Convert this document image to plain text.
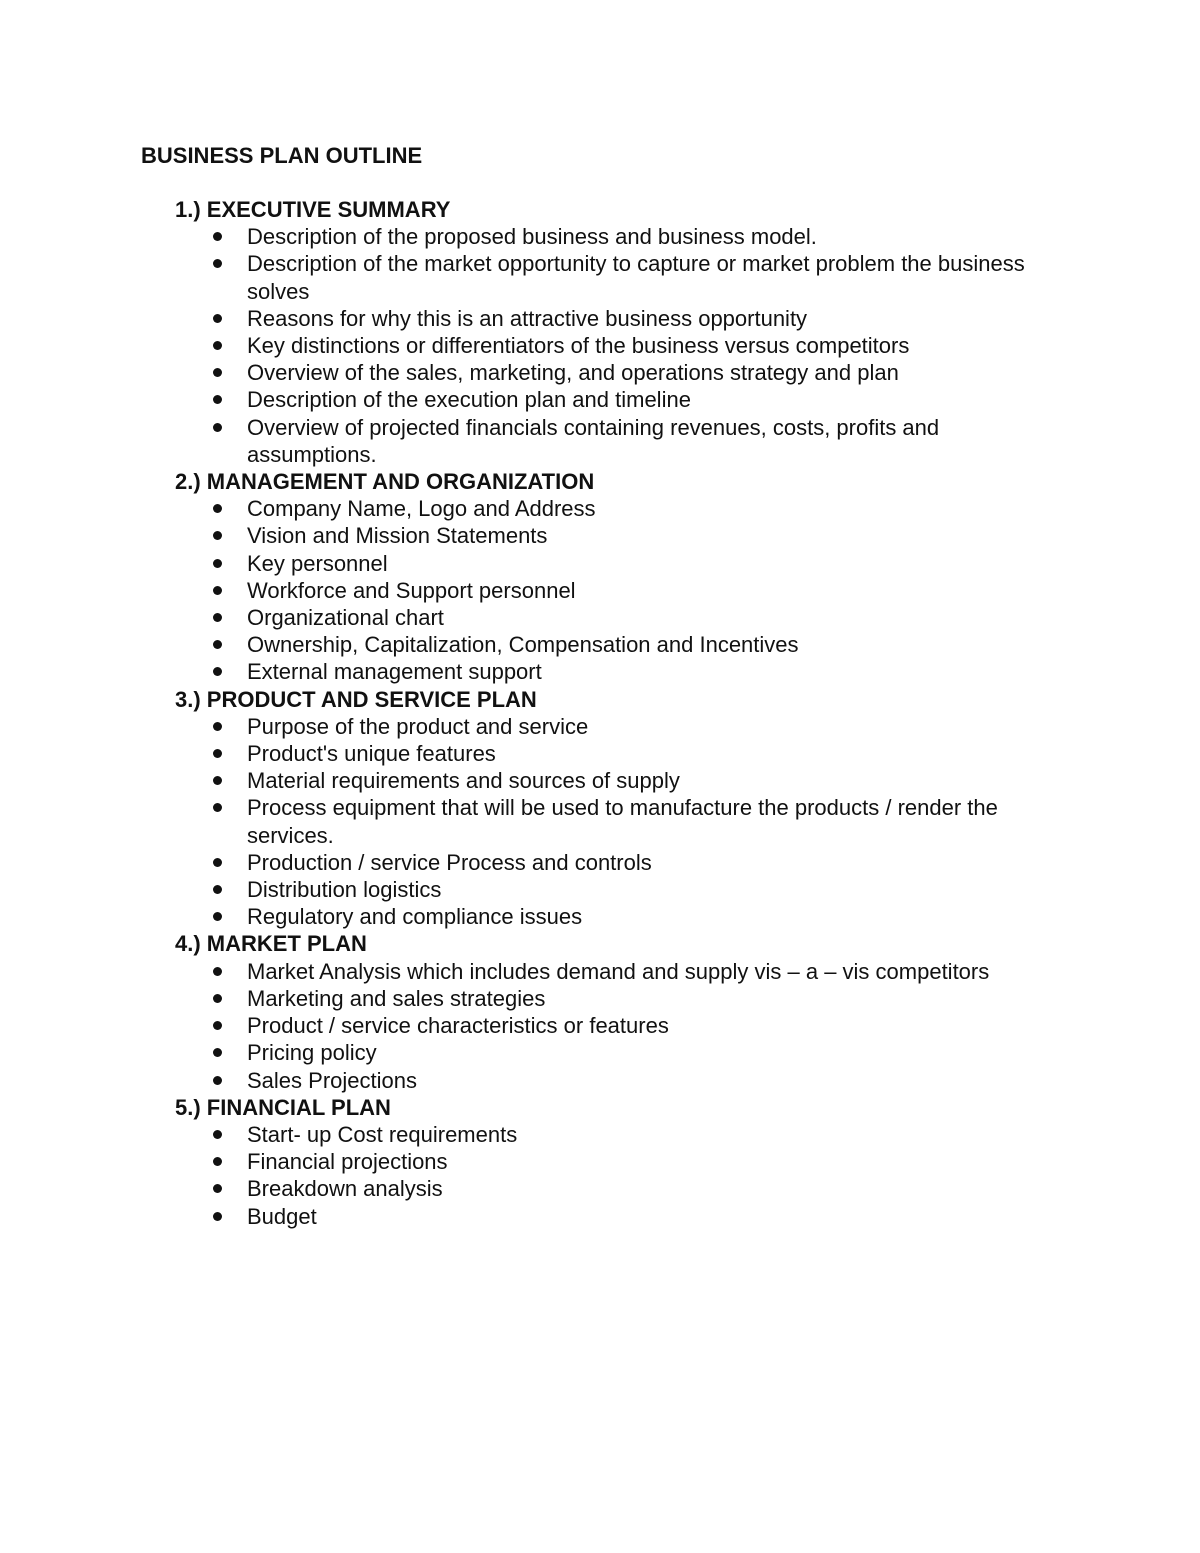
BUSINESS PLAN OUTLINE
1.) EXECUTIVE SUMMARY
Description of the proposed business and business model.
Description of the market opportunity to capture or market problem the business solves
Reasons for why this is an attractive business opportunity
Key distinctions or differentiators of the business versus competitors
Overview of the sales, marketing, and operations strategy and plan
Description of the execution plan and timeline
Overview of projected financials containing revenues, costs, profits and assumptions.
2.) MANAGEMENT AND ORGANIZATION
Company Name, Logo and Address
Vision and Mission Statements
Key personnel
Workforce and Support personnel
Organizational chart
Ownership, Capitalization, Compensation and Incentives
External management support
3.) PRODUCT AND SERVICE PLAN
Purpose of the product and service
Product's unique features
Material requirements and sources of supply
Process equipment that will be used to manufacture the products / render the services.
Production / service Process and controls
Distribution logistics
Regulatory and compliance issues
4.) MARKET PLAN
Market Analysis which includes demand and supply vis – a – vis competitors
Marketing and sales strategies
Product / service characteristics or features
Pricing policy
Sales Projections
5.) FINANCIAL PLAN
Start- up Cost requirements
Financial projections
Breakdown analysis
Budget
